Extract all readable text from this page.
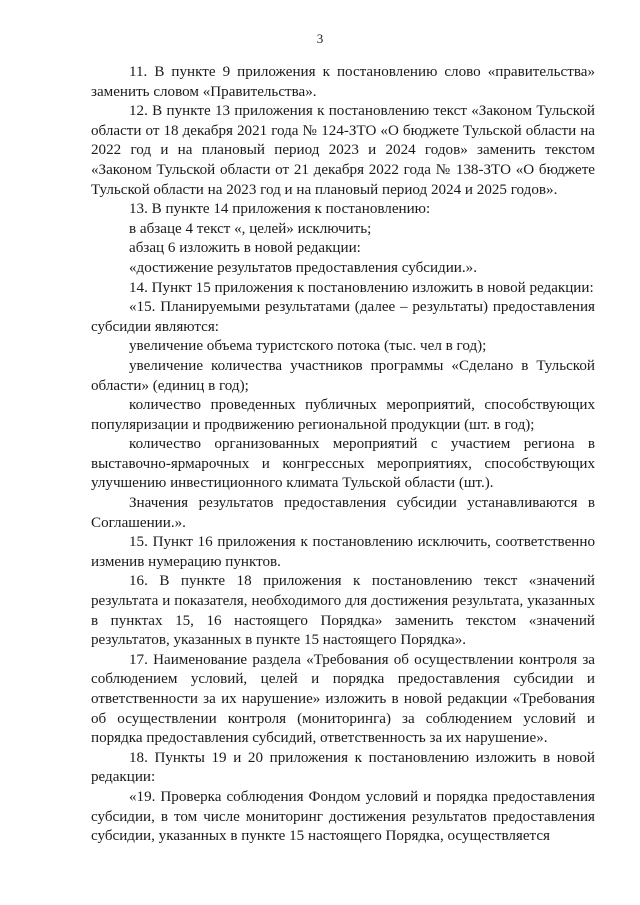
3

11. В пункте 9 приложения к постановлению слово «правительства» заменить словом «Правительства».

12. В пункте 13 приложения к постановлению текст «Законом Тульской области от 18 декабря 2021 года № 124-ЗТО «О бюджете Тульской области на 2022 год и на плановый период 2023 и 2024 годов» заменить текстом «Законом Тульской области от 21 декабря 2022 года № 138-ЗТО «О бюджете Тульской области на 2023 год и на плановый период 2024 и 2025 годов».

13. В пункте 14 приложения к постановлению:

в абзаце 4 текст «, целей» исключить;

абзац 6 изложить в новой редакции:

«достижение результатов предоставления субсидии.».

14. Пункт 15 приложения к постановлению изложить в новой редакции:

«15. Планируемыми результатами (далее – результаты) предоставления субсидии являются:

увеличение объема туристского потока (тыс. чел в год);

увеличение количества участников программы «Сделано в Тульской области» (единиц в год);

количество проведенных публичных мероприятий, способствующих популяризации и продвижению региональной продукции (шт. в год);

количество организованных мероприятий с участием региона в выставочно-ярмарочных и конгрессных мероприятиях, способствующих улучшению инвестиционного климата Тульской области (шт.).

Значения результатов предоставления субсидии устанавливаются в Соглашении.».

15. Пункт 16 приложения к постановлению исключить, соответственно изменив нумерацию пунктов.

16. В пункте 18 приложения к постановлению текст «значений результата и показателя, необходимого для достижения результата, указанных в пунктах 15, 16 настоящего Порядка» заменить текстом «значений результатов, указанных в пункте 15 настоящего Порядка».

17. Наименование раздела «Требования об осуществлении контроля за соблюдением условий, целей и порядка предоставления субсидии и ответственности за их нарушение» изложить в новой редакции «Требования об осуществлении контроля (мониторинга) за соблюдением условий и порядка предоставления субсидий, ответственность за их нарушение».

18. Пункты 19 и 20 приложения к постановлению изложить в новой редакции:

«19. Проверка соблюдения Фондом условий и порядка предоставления субсидии, в том числе мониторинг достижения результатов предоставления субсидии, указанных в пункте 15 настоящего Порядка, осуществляется
